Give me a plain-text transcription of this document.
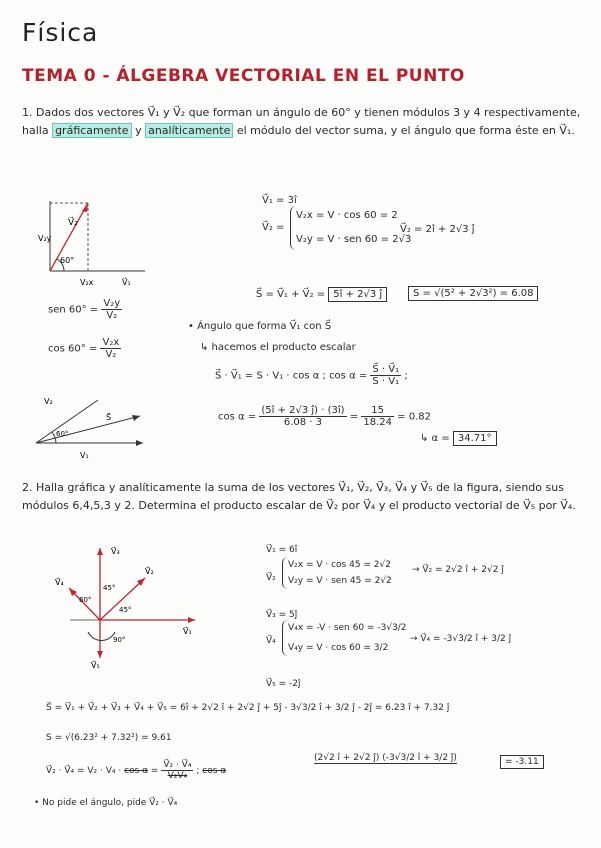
Física
TEMA 0 - ÁLGEBRA VECTORIAL EN EL PUNTO
1. Dados dos vectores V⃗₁ y V⃗₂ que forman un ángulo de 60° y tienen módulos 3 y 4 respectivamente, halla gráficamente y analíticamente el módulo del vector suma, y el ángulo que forma éste en V⃗₁.
V⃗₂
V₂y
V₂x	V⃗₁
60°
V⃗₁ = 3î
V⃗₂ =
V₂x = V · cos 60 = 2
V₂y = V · sen 60 = 2√3
V⃗₂ = 2î + 2√3 ĵ
sen $60^\circ = \frac{\text{V₂y}}{\text{V₂}}$
$\cos 60^\circ = \frac{\text{V₂x}}{\text{V₂}}$
S⃗ = V⃗₁ + V⃗₂ = 5î + 2√3 ĵ	S = √(5² + 2√3²) = 6.08
• Ángulo que forma V⃗₁ con S⃗
↳ hacemos el producto escalar
S⃗ · V⃗₁ = S · V₁ · cos α ; $\cos \alpha = \frac{\text{S⃗ · V⃗₁}}{\text{S · V₁}}$ ;
V₂
S⃗
60°
V₁
$\cos \alpha = \frac{(5î + 2√3 ĵ) \cdot (3î)}{6.08 \cdot 3} = \frac{15}{18.24} = 0.82$
↳ α = 34.71°
2. Halla gráfica y analíticamente la suma de los vectores V⃗₁, V⃗₂, V⃗₃, V⃗₄ y V⃗₅ de la figura, siendo sus módulos 6,4,5,3 y 2. Determina el producto escalar de V⃗₂ por V⃗₄ y el producto vectorial de V⃗₅ por V⃗₄.
V⃗₃
V⃗₄
V⃗₂
V⃗₁
V⃗₅
45°
45°
60°
90°
V⃗₁ = 6î
V⃗₂
V₂x = V · cos 45 = 2√2
V₂y = V · sen 45 = 2√2
→ V⃗₂ = 2√2 î + 2√2 ĵ
V⃗₃ = 5ĵ
V⃗₄
V₄x = -V · sen 60 = -3√3/2
V₄y = V · cos 60 = 3/2
→ V⃗₄ = -3√3/2 î + 3/2 ĵ
V⃗₅ = -2ĵ
S⃗ = V⃗₁ + V⃗₂ + V⃗₃ + V⃗₄ + V⃗₅ = 6î + 2√2 î + 2√2 ĵ + 5ĵ - 3√3/2 î + 3/2 ĵ - 2ĵ = 6.23 î + 7.32 ĵ
S = √(6.23² + 7.32²) = 9.61
V⃗₂ · V⃗₄ = $V_2 \cdot V_4 \cdot \cos \alpha = \frac{\text{V⃗₂ · V⃗₄}}{\text{V₂V₄}}$ ; cos α
(2√2 î + 2√2 ĵ) (-3√3/2 î + 3/2 ĵ)	= -3.11
• No pide el ángulo, pide V⃗₂ · V⃗₄
